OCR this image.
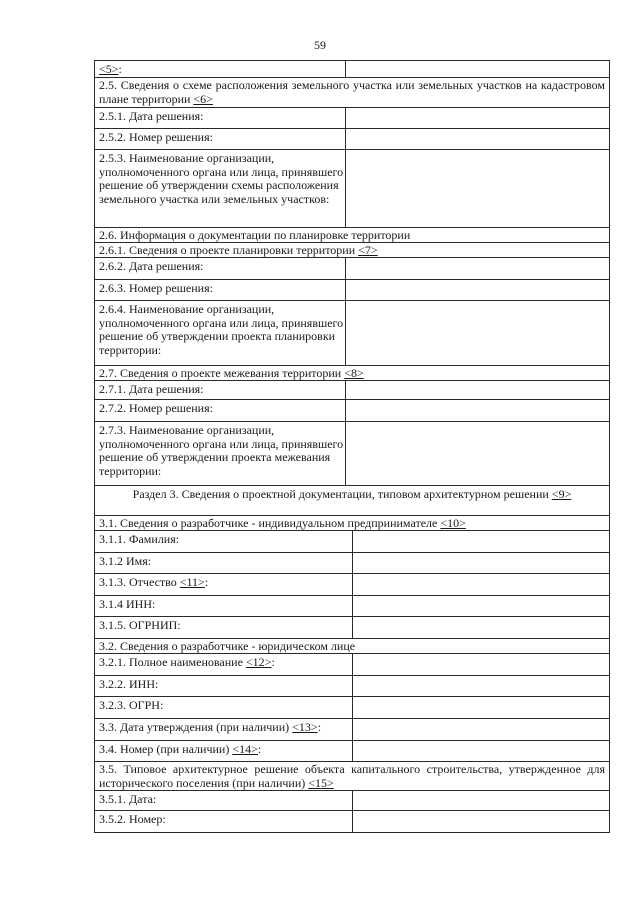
59
<5>:
2.5. Сведения о схеме расположения земельного участка или земельных участков на кадастровом плане территории <6>
2.5.1. Дата решения:
2.5.2. Номер решения:
2.5.3. Наименование организации, уполномоченного органа или лица, принявшего решение об утверждении схемы расположения земельного участка или земельных участков:
2.6. Информация о документации по планировке территории
2.6.1. Сведения о проекте планировки территории <7>
2.6.2. Дата решения:
2.6.3. Номер решения:
2.6.4. Наименование организации, уполномоченного органа или лица, принявшего решение об утверждении проекта планировки территории:
2.7. Сведения о проекте межевания территории <8>
2.7.1. Дата решения:
2.7.2. Номер решения:
2.7.3. Наименование организации, уполномоченного органа или лица, принявшего решение об утверждении проекта межевания территории:
Раздел 3. Сведения о проектной документации, типовом архитектурном решении <9>
3.1. Сведения о разработчике - индивидуальном предпринимателе <10>
3.1.1. Фамилия:
3.1.2 Имя:
3.1.3. Отчество <11>:
3.1.4 ИНН:
3.1.5. ОГРНИП:
3.2. Сведения о разработчике - юридическом лице
3.2.1. Полное наименование <12>:
3.2.2. ИНН:
3.2.3. ОГРН:
3.3. Дата утверждения (при наличии) <13>:
3.4. Номер (при наличии) <14>:
3.5. Типовое архитектурное решение объекта капитального строительства, утвержденное для исторического поселения (при наличии) <15>
3.5.1. Дата:
3.5.2. Номер:
